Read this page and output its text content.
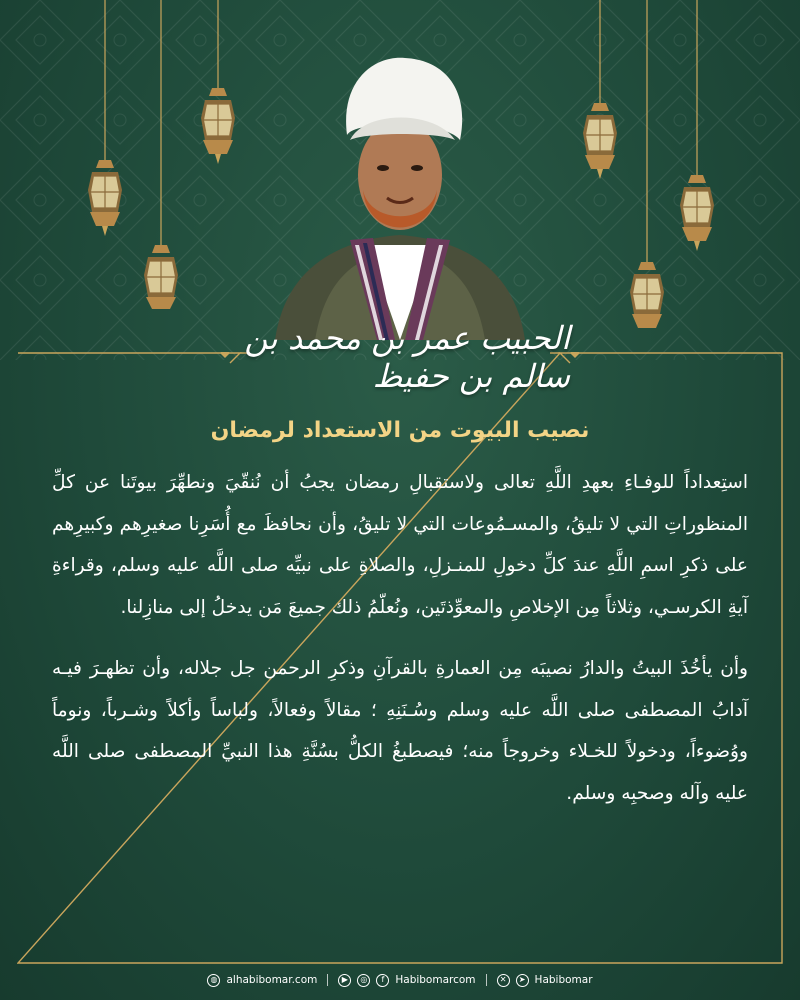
الحبيب عمر بن محمد بن سالم بن حفيظ
نصيب البيوت من الاستعداد لرمضان

استِعداداً للوفـاءِ بعهدِ اللَّهِ تعالى ولاستقبالِ رمضان يجبُ أن نُنقّيَ ونطهِّرَ بيوتَنا عن كلِّ المنظوراتِ التي لا تليقُ، والمسـمُوعات التي لا تليقُ، وأن نحافظَ مع أُسَرِنا صغيرِهم وكبيرِهم على ذكرِ اسمِ اللَّهِ عندَ كلِّ دخولِ للمنـزلِ، والصلاةِ على نبيِّه صلى اللَّه عليه وسلم، وقراءةِ آيةِ الكرسـي، وثلاثاً مِن الإخلاصِ والمعوِّذتَين، ونُعلّمُ ذلك جميعَ مَن يدخلُ إلى منازِلنا.

وأن يأخُذَ البيتُ والدارُ نصيبَه مِن العمارةِ بالقرآنِ وذكرِ الرحمن جل جلاله، وأن تظهـرَ فيـه آدابُ المصطفى صلى اللَّه عليه وسلم وسُـنَنِهِ ؛ مقالاً وفعالاً، ولباساً وأكلاً وشـرباً، ونوماً ووُضوءاً، ودخولاً للخـلاء وخروجاً منه؛ فيصطبغُ الكلُّ بسُنَّةِ هذا النبيِّ المصطفى صلى اللَّه عليه وآله وصحبِه وسلم.

◍ alhabibomar.com	▶	◎	f	Habibomarcom	✕	➤ Habibomar
